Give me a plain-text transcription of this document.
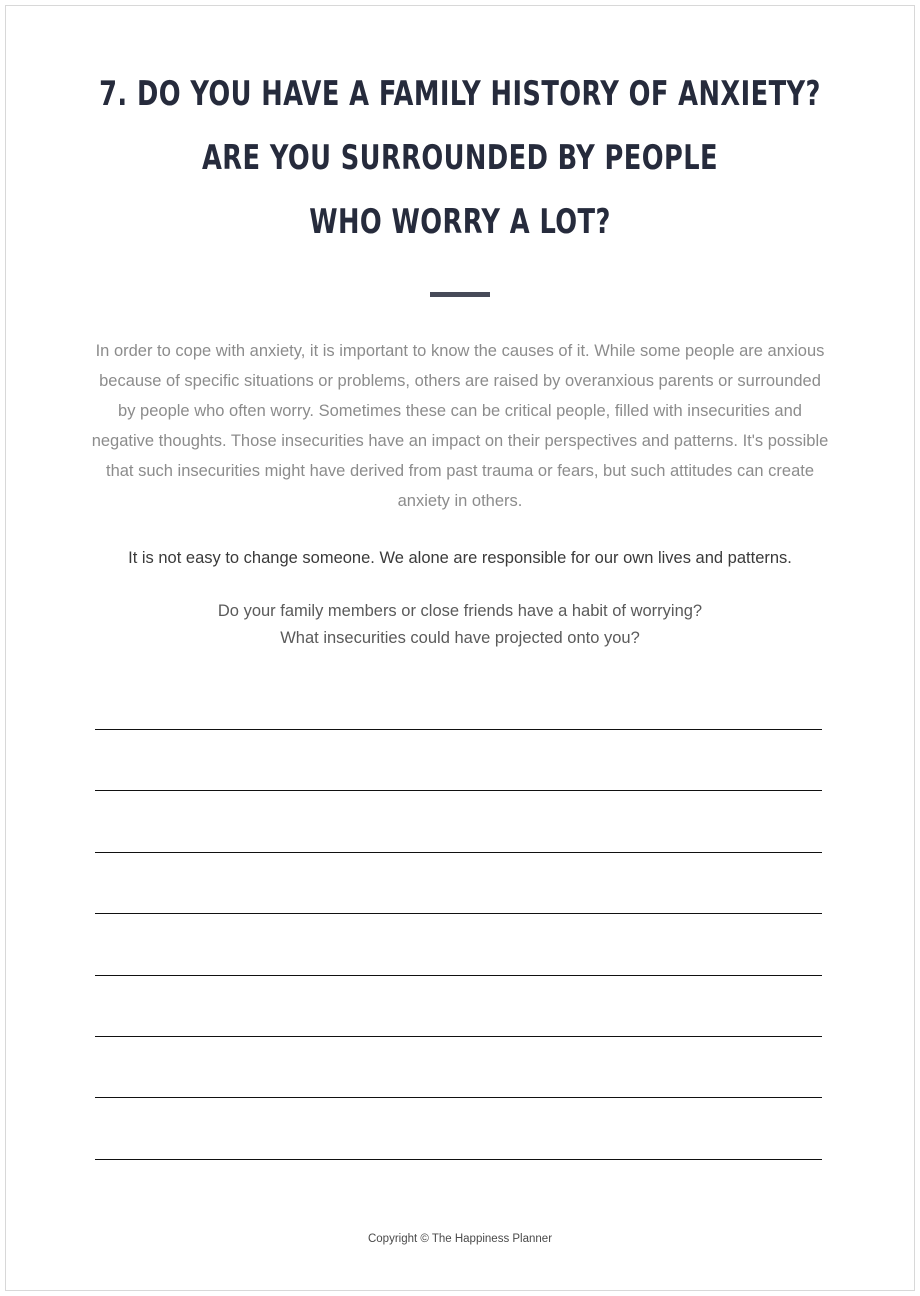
7. DO YOU HAVE A FAMILY HISTORY OF ANXIETY?
ARE YOU SURROUNDED BY PEOPLE
WHO WORRY A LOT?

In order to cope with anxiety, it is important to know the causes of it. While some people are anxious because of specific situations or problems, others are raised by overanxious parents or surrounded by people who often worry. Sometimes these can be critical people, filled with insecurities and negative thoughts. Those insecurities have an impact on their perspectives and patterns. It's possible that such insecurities might have derived from past trauma or fears, but such attitudes can create anxiety in others.

It is not easy to change someone. We alone are responsible for our own lives and patterns.

Do your family members or close friends have a habit of worrying?
What insecurities could have projected onto you?
Copyright © The Happiness Planner
